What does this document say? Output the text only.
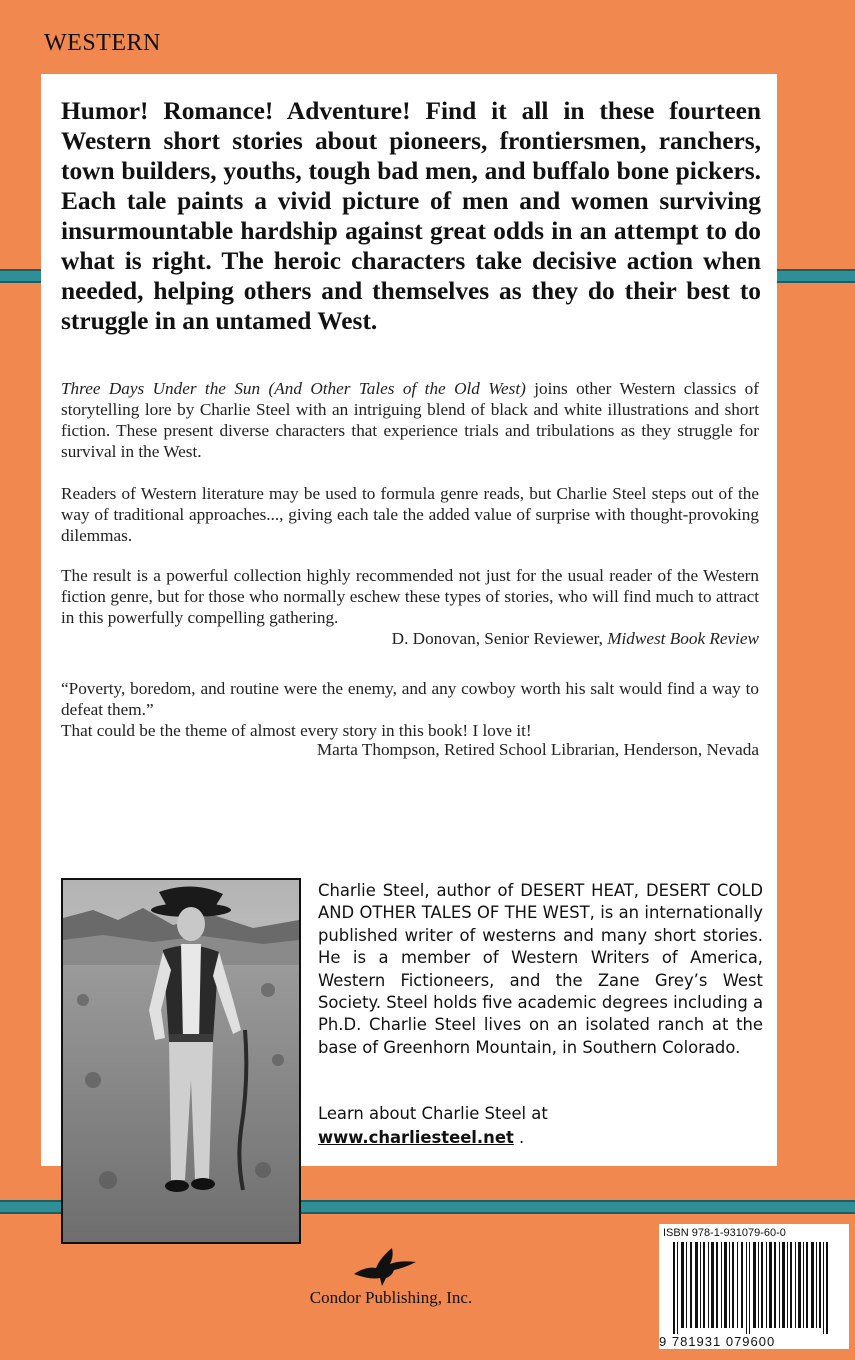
WESTERN

Humor! Romance! Adventure! Find it all in these fourteen Western short stories about pioneers, frontiersmen, ranchers, town builders, youths, tough bad men, and buffalo bone pickers. Each tale paints a vivid picture of men and women surviving insurmountable hardship against great odds in an attempt to do what is right. The heroic characters take decisive action when needed, helping others and themselves as they do their best to struggle in an untamed West.

Three Days Under the Sun (And Other Tales of the Old West) joins other Western classics of storytelling lore by Charlie Steel with an intriguing blend of black and white illustrations and short fiction. These present diverse characters that experience trials and tribulations as they struggle for survival in the West.

Readers of Western literature may be used to formula genre reads, but Charlie Steel steps out of the way of traditional approaches..., giving each tale the added value of surprise with thought-provoking dilemmas.

The result is a powerful collection highly recommended not just for the usual reader of the Western fiction genre, but for those who normally eschew these types of stories, who will find much to attract in this powerfully compelling gathering.

D. Donovan, Senior Reviewer, Midwest Book Review

“Poverty, boredom, and routine were the enemy, and any cowboy worth his salt would find a way to defeat them.”

That could be the theme of almost every story in this book! I love it!

Marta Thompson, Retired School Librarian, Henderson, Nevada

Charlie Steel, author of DESERT HEAT, DESERT COLD AND OTHER TALES OF THE WEST, is an internationally published writer of westerns and many short stories. He is a member of Western Writers of America, Western Fictioneers, and the Zane Grey’s West Society. Steel holds five academic degrees including a Ph.D. Charlie Steel lives on an isolated ranch at the base of Greenhorn Mountain, in Southern Colorado.

Learn about Charlie Steel at
www.charliesteel.net .

Condor Publishing, Inc.
ISBN 978-1-931079-60-0
9 781931 079600
